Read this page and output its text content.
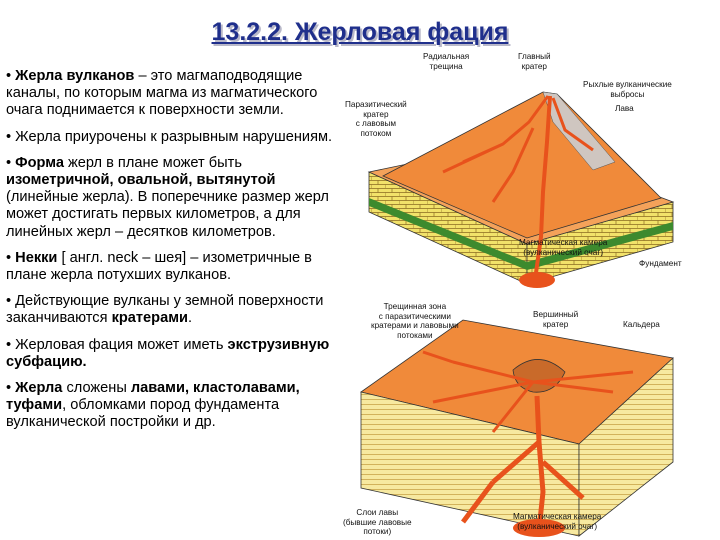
13.2.2. Жерловая фация

• Жерла вулканов – это магмаподводящие каналы, по которым магма из магматического очага поднимается к поверхности земли.

• Жерла приурочены к разрывным нарушениям.

• Форма жерл в плане может быть изометричной, овальной, вытянутой (линейные жерла). В поперечнике размер жерл может достигать первых километров, а для линейных жерл – десятков километров.

• Некки [ англ. neck – шея] – изометричные в плане жерла потухших вулканов.

• Действующие вулканы у земной поверхности заканчиваются кратерами.

• Жерловая фация может иметь экструзивную субфацию.

• Жерла сложены лавами, кластолавами, туфами, обломками пород фундамента вулканической постройки и др.

Радиальная
трещина
Главный
кратер
Рыхлые вулканические
выбросы
Лава
Паразитический
кратер
с лавовым
потоком
Магматическая камера
(вулканический очаг)
Фундамент
Трещинная зона
с паразитическими
кратерами и лавовыми
потоками
Вершинный
кратер	Кальдера
Слои лавы
(бывшие лавовые
потоки)
Магматическая камера
(вулканический очаг)
